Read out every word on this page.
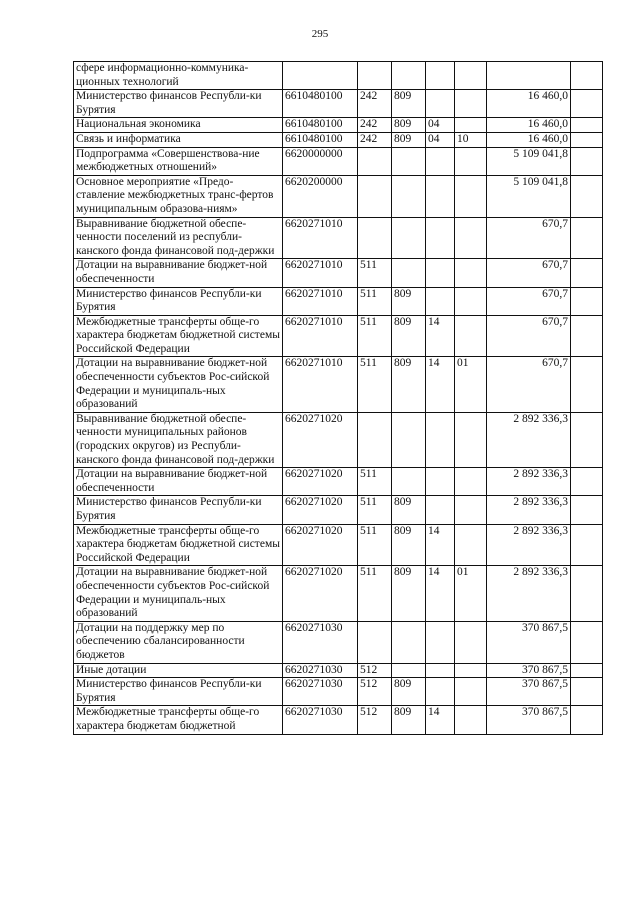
295
сфере информационно-коммуника-ционных технологий							
Министерство финансов Республи-ки Бурятия	6610480100	242	809			16 460,0	
Национальная экономика	6610480100	242	809	04		16 460,0	
Связь и информатика	6610480100	242	809	04	10	16 460,0	
Подпрограмма «Совершенствова-ние межбюджетных отношений»	6620000000					5 109 041,8	
Основное мероприятие «Предо-ставление межбюджетных транс-фертов муниципальным образова-ниям»	6620200000					5 109 041,8	
Выравнивание бюджетной обеспе-ченности поселений из республи-канского фонда финансовой под-держки	6620271010					670,7	
Дотации на выравнивание бюджет-ной обеспеченности	6620271010	511				670,7	
Министерство финансов Республи-ки Бурятия	6620271010	511	809			670,7	
Межбюджетные трансферты обще-го характера бюджетам бюджетной системы Российской Федерации	6620271010	511	809	14		670,7	
Дотации на выравнивание бюджет-ной обеспеченности субъектов Рос-сийской Федерации и муниципаль-ных образований	6620271010	511	809	14	01	670,7	
Выравнивание бюджетной обеспе-ченности муниципальных районов (городских округов) из Республи-канского фонда финансовой под-держки	6620271020					2 892 336,3	
Дотации на выравнивание бюджет-ной обеспеченности	6620271020	511				2 892 336,3	
Министерство финансов Республи-ки Бурятия	6620271020	511	809			2 892 336,3	
Межбюджетные трансферты обще-го характера бюджетам бюджетной системы Российской Федерации	6620271020	511	809	14		2 892 336,3	
Дотации на выравнивание бюджет-ной обеспеченности субъектов Рос-сийской Федерации и муниципаль-ных образований	6620271020	511	809	14	01	2 892 336,3	
Дотации на поддержку мер по обеспечению сбалансированности бюджетов	6620271030					370 867,5	
Иные дотации	6620271030	512				370 867,5	
Министерство финансов Республи-ки Бурятия	6620271030	512	809			370 867,5	
Межбюджетные трансферты обще-го характера бюджетам бюджетной	6620271030	512	809	14		370 867,5	
